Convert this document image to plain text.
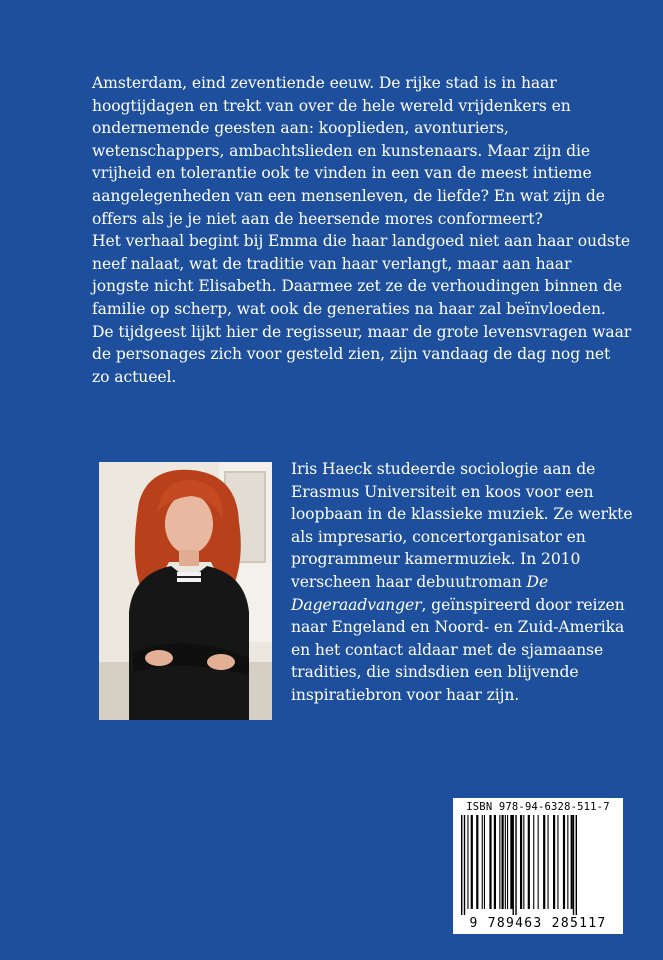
Amsterdam, eind zeventiende eeuw. De rijke stad is in haar hoogtijdagen en trekt van over de hele wereld vrijdenkers en ondernemende geesten aan: kooplieden, avonturiers, wetenschappers, ambachtslieden en kunstenaars. Maar zijn die vrijheid en tolerantie ook te vinden in een van de meest intieme aangelegenheden van een mensenleven, de liefde? En wat zijn de offers als je je niet aan de heersende mores conformeert?

Het verhaal begint bij Emma die haar landgoed niet aan haar oudste neef nalaat, wat de traditie van haar verlangt, maar aan haar jongste nicht Elisabeth. Daarmee zet ze de verhoudingen binnen de familie op scherp, wat ook de generaties na haar zal beïnvloeden.

De tijdgeest lijkt hier de regisseur, maar de grote levensvragen waar de personages zich voor gesteld zien, zijn vandaag de dag nog net zo actueel.

Iris Haeck studeerde sociologie aan de Erasmus Universiteit en koos voor een loopbaan in de klassieke muziek. Ze werkte als impresario, concertorganisator en programmeur kamermuziek. In 2010 verscheen haar debuutroman De Dageraadvanger, geïnspireerd door reizen naar Engeland en Noord- en Zuid-Amerika en het contact aldaar met de sjamaanse tradities, die sindsdien een blijvende inspiratiebron voor haar zijn.

ISBN 978-94-6328-511-7
9 789463 285117
